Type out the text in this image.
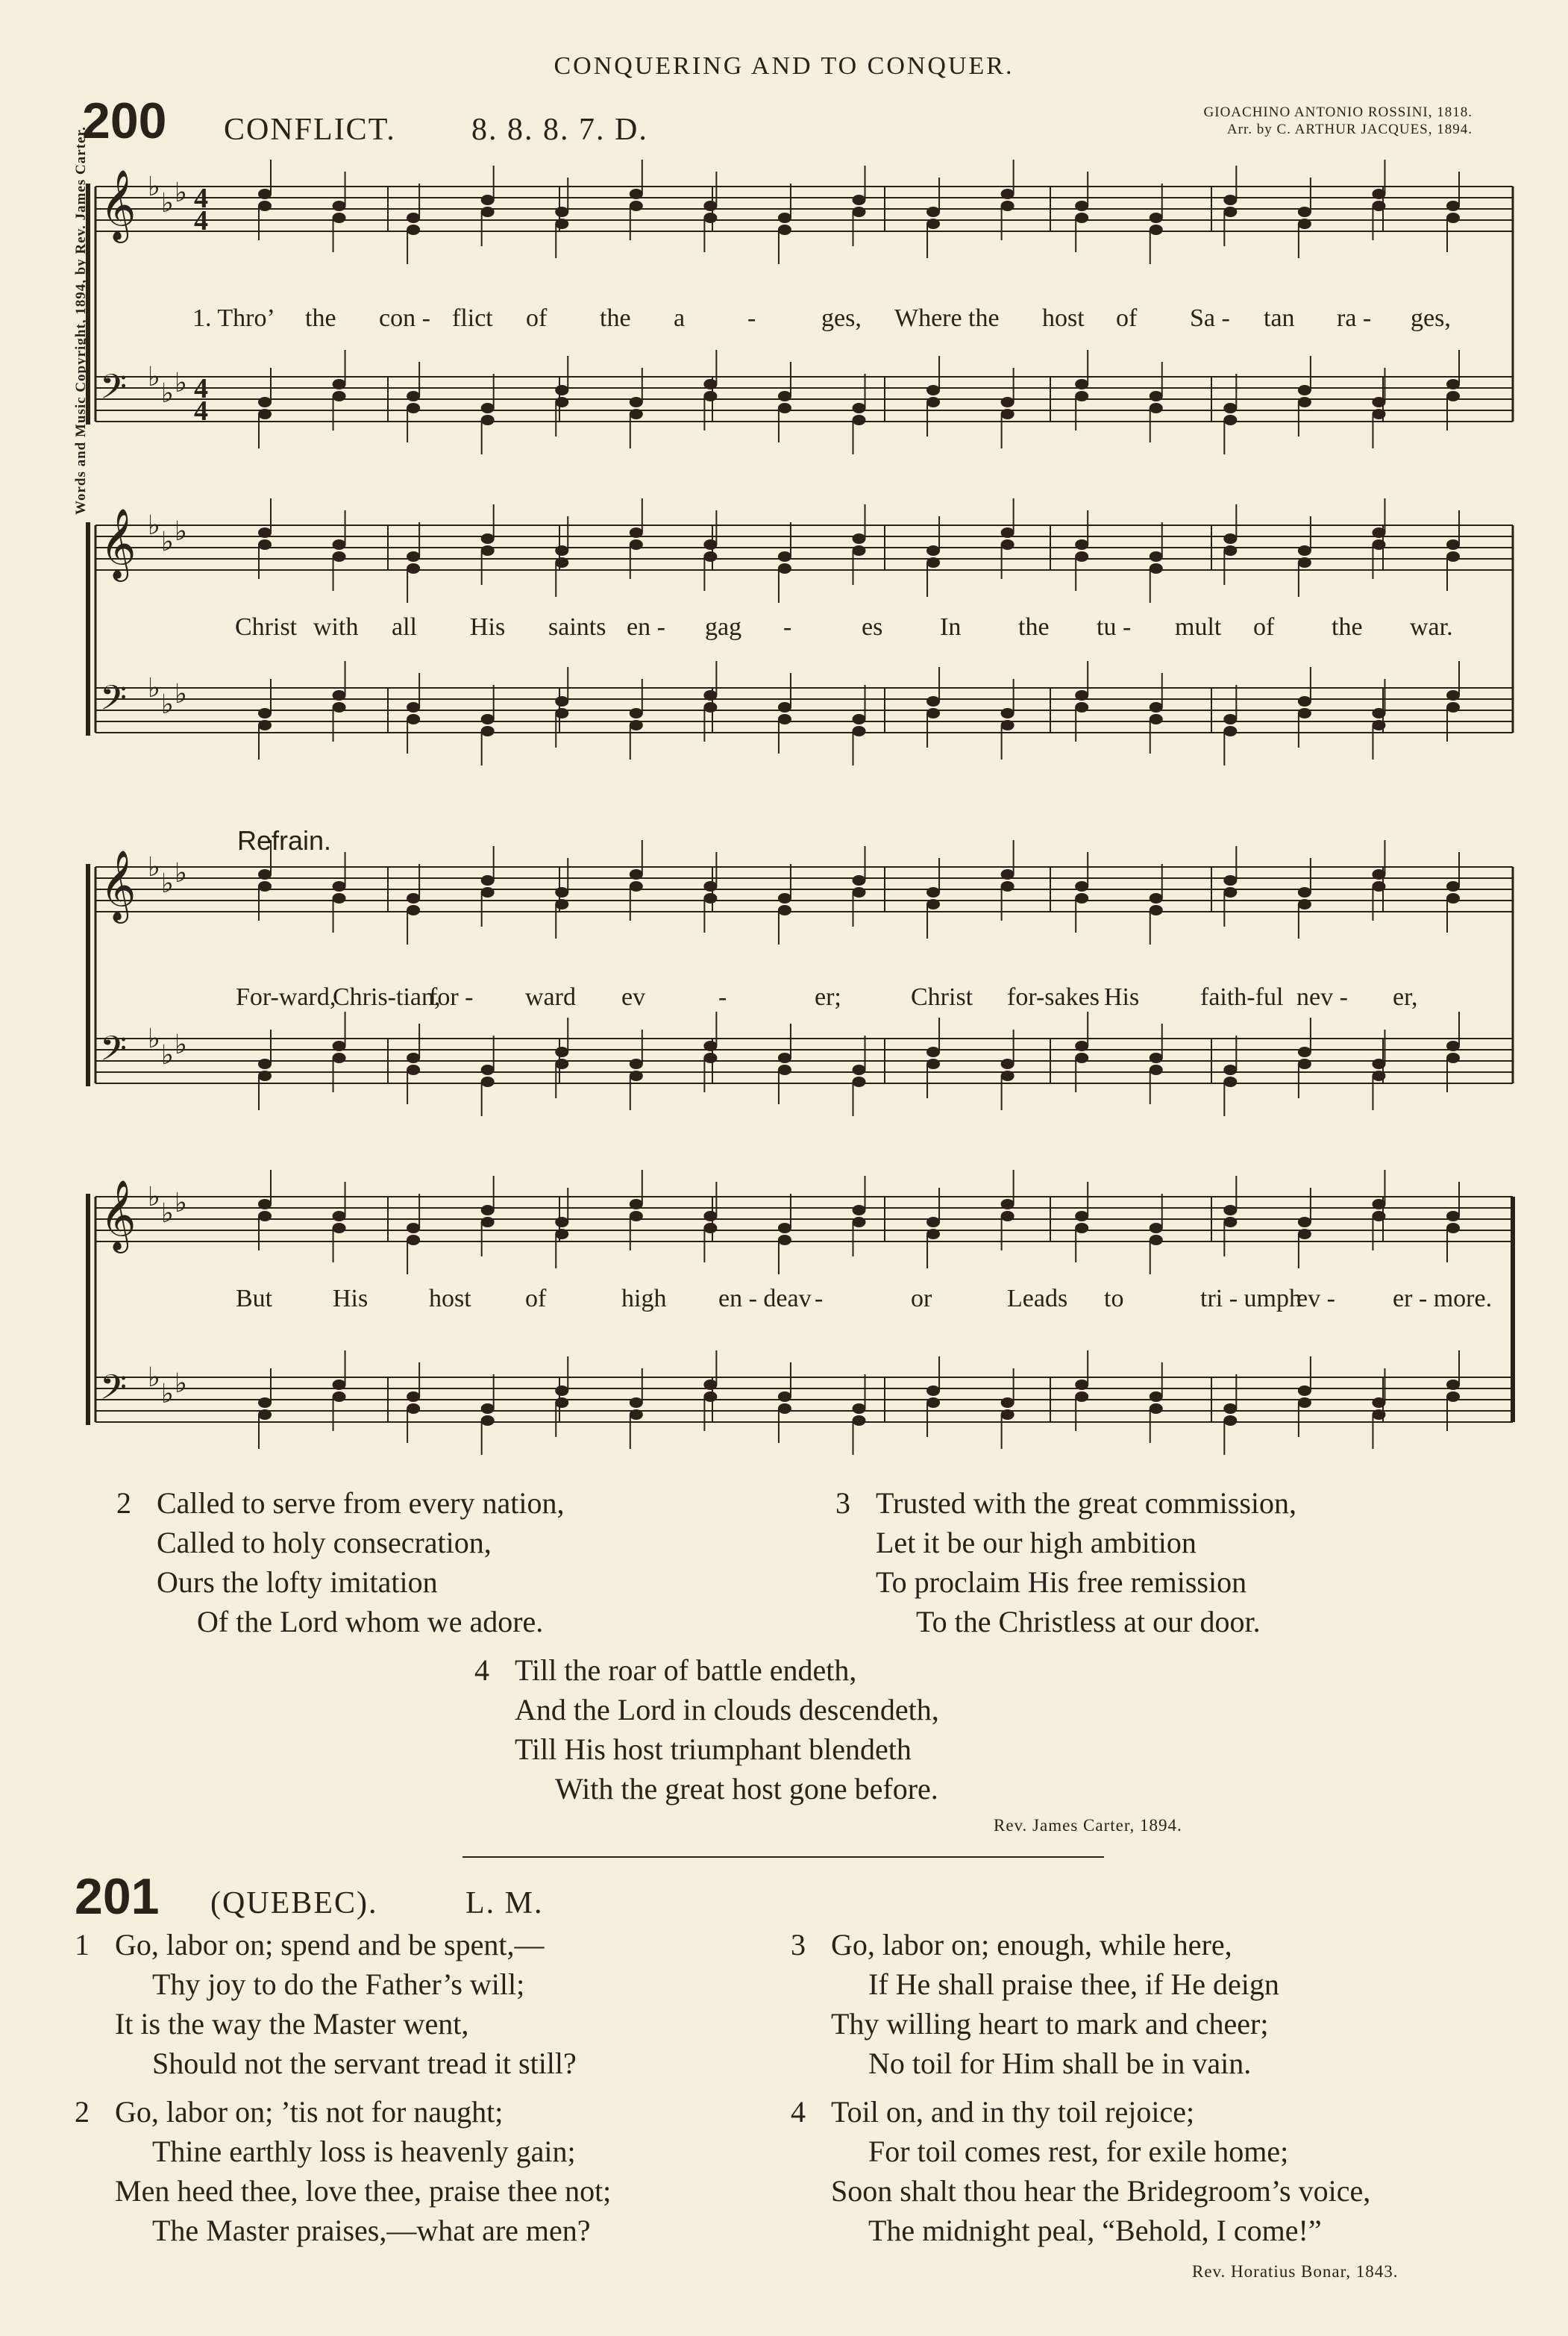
CONQUERING AND TO CONQUER.
200 CONFLICT. 8. 8. 8. 7. D.
GIOACHINO ANTONIO ROSSINI, 1818.
Arr. by C. ARTHUR JACQUES, 1894.
Words and Music Copyright, 1894, by Rev. James Carter. 𝄞 ♭
♭ ♭ 4
4
𝄢 ♭
♭ ♭ 4
4
𝄞 ♭
♭ ♭
𝄢 ♭
♭ ♭
𝄞 ♭
♭ ♭
𝄢 ♭
♭ ♭
𝄞 ♭
♭ ♭
𝄢 ♭
♭ ♭
Refrain.
1. Thro’ the con - flict of the a -	ges, Where the host of Sa - tan ra - ges,
Christ with all His saints en - gag -	es In the tu - mult of the war.
For-ward,
Chris-tian,
for - ward ev	-	er;	Christ for-sakes His faith-ful nev - er,
But His host of	high en - deav -	or	Leads to	tri - umph
ev - er - more.
2 Called to serve from every nation,
Called to holy consecration,
Ours the lofty imitation
Of the Lord whom we adore.
3 Trusted with the great commission,
Let it be our high ambition
To proclaim His free remission
To the Christless at our door.
4 Till the roar of battle endeth,
And the Lord in clouds descendeth,
Till His host triumphant blendeth
With the great host gone before.
Rev. James Carter, 1894.
201 (QUEBEC).	L. M.
1 Go, labor on; spend and be spent,—
Thy joy to do the Father’s will;
It is the way the Master went,
Should not the servant tread it still?
2 Go, labor on; ’tis not for naught;
Thine earthly loss is heavenly gain;
Men heed thee, love thee, praise thee not;
The Master praises,—what are men?
3 Go, labor on; enough, while here,
If He shall praise thee, if He deign
Thy willing heart to mark and cheer;
No toil for Him shall be in vain.
4 Toil on, and in thy toil rejoice;
For toil comes rest, for exile home;
Soon shalt thou hear the Bridegroom’s voice,
The midnight peal, “Behold, I come!”
Rev. Horatius Bonar, 1843.
